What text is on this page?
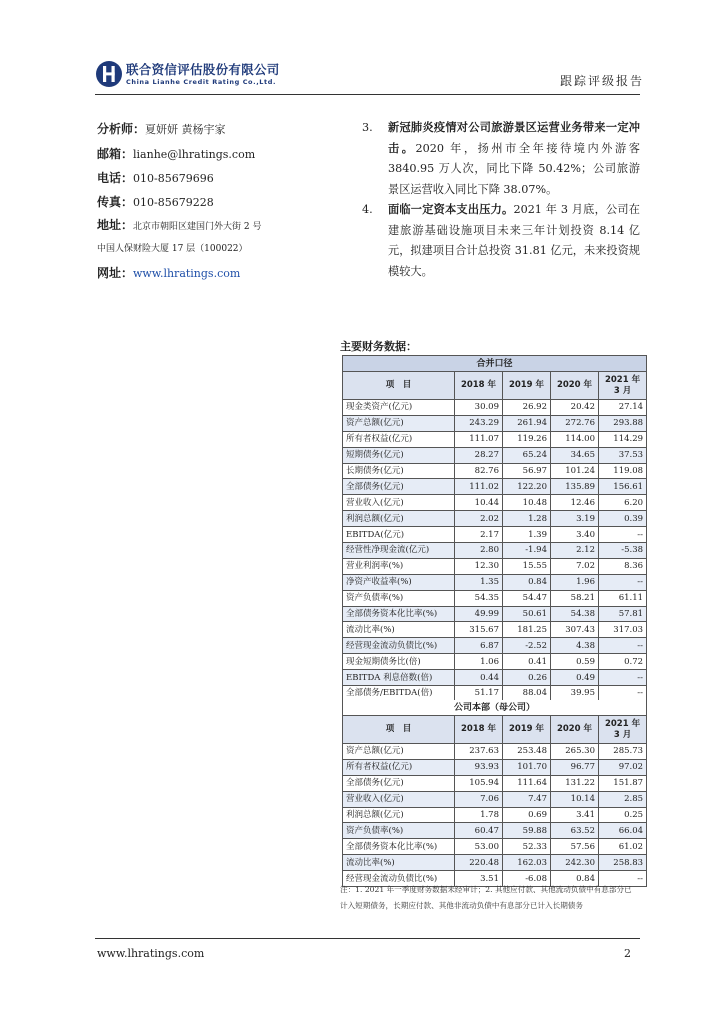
联合资信评估股份有限公司
China Lianhe Credit Rating Co.,Ltd.	跟踪评级报告
分析师：夏妍妍 黄杨宇家
邮箱：lianhe@lhratings.com
电话：010-85679696
传真：010-85679228
地址：北京市朝阳区建国门外大街 2 号
中国人保财险大厦 17 层（100022）
网址：www.lhratings.com
3. 新冠肺炎疫情对公司旅游景区运营业务带来一定冲击。2020 年，扬州市全年接待境内外游客 3840.95 万人次，同比下降 50.42%；公司旅游景区运营收入同比下降 38.07%。
4. 面临一定资本支出压力。2021 年 3 月底，公司在建旅游基础设施项目未来三年计划投资 8.14 亿元，拟建项目合计总投资 31.81 亿元，未来投资规模较大。
主要财务数据：
合并口径				
项　目	2018 年	2019 年	2020 年	2021 年
3 月
现金类资产(亿元)	30.09	26.92	20.42	27.14
资产总额(亿元)	243.29	261.94	272.76	293.88
所有者权益(亿元)	111.07	119.26	114.00	114.29
短期债务(亿元)	28.27	65.24	34.65	37.53
长期债务(亿元)	82.76	56.97	101.24	119.08
全部债务(亿元)	111.02	122.20	135.89	156.61
营业收入(亿元)	10.44	10.48	12.46	6.20
利润总额(亿元)	2.02	1.28	3.19	0.39
EBITDA(亿元)	2.17	1.39	3.40	--
经营性净现金流(亿元)	2.80	-1.94	2.12	-5.38
营业利润率(%)	12.30	15.55	7.02	8.36
净资产收益率(%)	1.35	0.84	1.96	--
资产负债率(%)	54.35	54.47	58.21	61.11
全部债务资本化比率(%)	49.99	50.61	54.38	57.81
流动比率(%)	315.67	181.25	307.43	317.03
经营现金流动负债比(%)	6.87	-2.52	4.38	--
现金短期债务比(倍)	1.06	0.41	0.59	0.72
EBITDA 利息倍数(倍)	0.44	0.26	0.49	--
全部债务/EBITDA(倍)	51.17	88.04	39.95	--
公司本部（母公司）				
项　目	2018 年	2019 年	2020 年	2021 年
3 月
资产总额(亿元)	237.63	253.48	265.30	285.73
所有者权益(亿元)	93.93	101.70	96.77	97.02
全部债务(亿元)	105.94	111.64	131.22	151.87
营业收入(亿元)	7.06	7.47	10.14	2.85
利润总额(亿元)	1.78	0.69	3.41	0.25
资产负债率(%)	60.47	59.88	63.52	66.04
全部债务资本化比率(%)	53.00	52.33	57.56	61.02
流动比率(%)	220.48	162.03	242.30	258.83
经营现金流动负债比(%)	3.51	-6.08	0.84	--
注：1. 2021 年一季度财务数据未经审计；2. 其他应付款、其他流动负债中有息部分已
计入短期债务，长期应付款、其他非流动负债中有息部分已计入长期债务
www.lhratings.com	2
